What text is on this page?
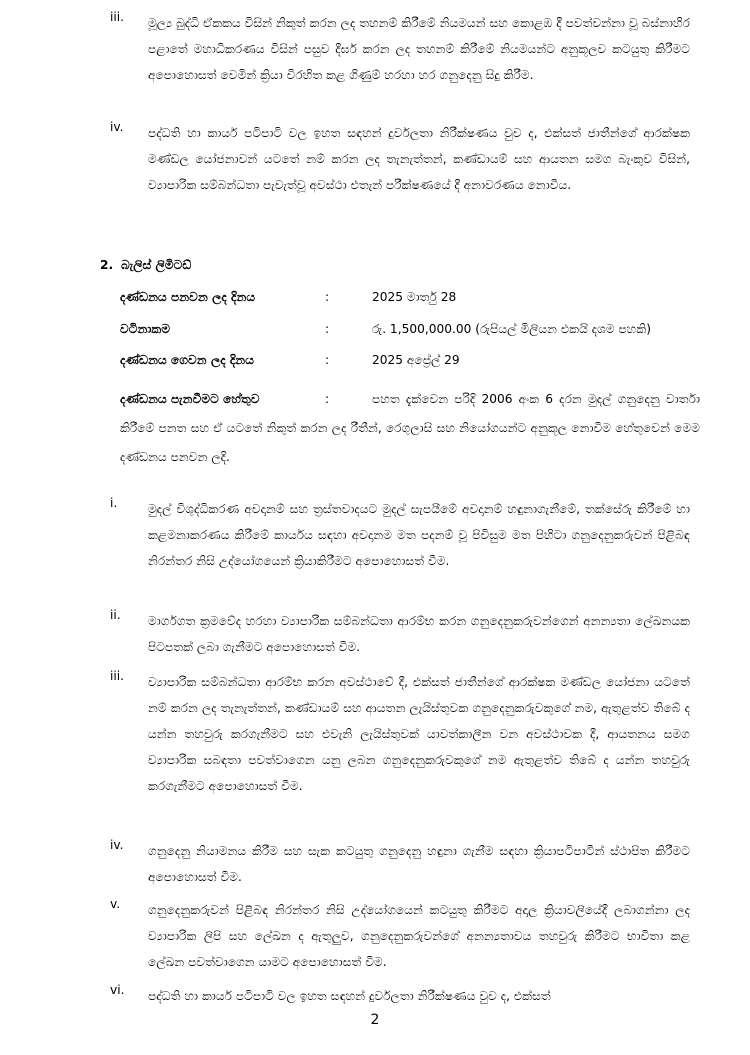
iii.	මූල්‍ය බුද්ධි ඒකකය විසින් නිකුත් කරන ලද තහනම් කිරීමේ නියමයන් සහ කොළඹ දී පවත්වන්නා වූ බස්නාහිර පළාතේ මහාධිකරණය විසින් පසුව දීර්ඝ කරන ලද තහනම් කිරීමේ නියමයන්ට අනුකූලව කටයුතු කිරීමට අපොහොසත් වෙමින් ක්‍රියා විරහිත කළ ගිණුම් හරහා හර ගනුදෙනු සිදු කිරීම.

iv.	පද්ධති හා කාර්ය පටිපාටි වල ඉහත සඳහන් දුර්වලතා නිරීක්ෂණය වුව ද, එක්සත් ජාතීන්ගේ ආරක්ෂක මණ්ඩල යෝජනාවන් යටතේ නම් කරන ලද තැනැත්තන්, කණ්ඩායම් සහ ආයතන සමග බැංකුව විසින්, ව්‍යාපාරික සම්බන්ධතා පැවැත්වූ අවස්ථා එතැන් පරීක්ෂණයේ දී අනාවරණය නොවීය.

2. බැලිස් ලිමිටඩ්
දණ්ඩනය පනවන ලද දිනය	:	2025 මාර්තු 28
වටිනාකම	:	රු. 1,500,000.00 (රුපියල් මිලියන එකයි දශම පහකි)
දණ්ඩනය ගෙවන ලද දිනය	:	2025 අප්‍රේල් 29

දණ්ඩනය පැනවීමට හේතුව	:	පහත දැක්වෙන පරිදි 2006 අංක 6 දරන මුදල් ගනුදෙනු වාර්තා කිරීමේ පනත සහ ඒ යටතේ නිකුත් කරන ලද රීතීන්, රෙගුලාසි සහ නියෝගයන්ට අනුකූල නොවීම හේතුවෙන් මෙම දණ්ඩනය පනවන ලදි.

i.	මුදල් විශුද්ධිකරණ අවදානම් සහ ත්‍රස්තවාදයට මුදල් සැපයීමේ අවදානම් හඳුනාගැනීමේ, තක්සේරු කිරීමේ හා කළමනාකරණය කිරීමේ කාර්යය සඳහා අවදානම මත පදනම් වූ පිවිසුම මත පිහිටා ගනුදෙනුකරුවන් පිළිබඳ නිරන්තර නිසි උද්යෝගයෙන් ක්‍රියාකිරීමට අපොහොසත් වීම.

ii.	මාර්ගගත ක්‍රමවේද හරහා ව්‍යාපාරික සම්බන්ධතා ආරම්භ කරන ගනුදෙනුකරුවන්ගෙන් අනන්‍යතා ලේඛනයක පිටපතක් ලබා ගැනීමට අපොහොසත් වීම.

iii.	ව්‍යාපාරික සම්බන්ධතා ආරම්භ කරන අවස්ථාවේ දී, එක්සත් ජාතීන්ගේ ආරක්ෂක මණ්ඩල යෝජනා යටතේ නම් කරන ලද තැනැත්තන්, කණ්ඩායම් සහ ආයතන ලැයිස්තුවක ගනුදෙනුකරුවකුගේ නම, ඇතුළත්ව තිබේ ද යන්න තහවුරු කරගැනීමට සහ එවැනි ලැයිස්තුවක් යාවත්කාලීන වන අවස්ථාවක දී, ආයතනය සමග ව්‍යාපාරික සබඳතා පවත්වාගෙන යනු ලබන ගනුදෙනුකරුවකුගේ නම ඇතුළත්ව තිබේ ද යන්න තහවුරු කරගැනීමට අපොහොසත් වීම.

iv.	ගනුදෙනු නියාමනය කිරීම සහ සැක කටයුතු ගනුදෙනු හඳුනා ගැනීම සඳහා ක්‍රියාපටිපාටීන් ස්ථාපිත කිරීමට අපොහොසත් වීම.

v.	ගනුදෙනුකරුවන් පිළිබඳ නිරන්තර නිසි උද්යෝගයෙන් කටයුතු කිරීමට අදාල ක්‍රියාවලියේදී ලබාගන්නා ලද ව්‍යාපාරික ලිපි සහ ලේඛන ද ඇතුලුව, ගනුදෙනුකරුවන්ගේ අනන්‍යතාවය තහවුරු කිරීමට භාවිතා කළ ලේඛන පවත්වාගෙන යාමට අපොහොසත් වීම.

vi.	පද්ධති හා කාර්ය පටිපාටි වල ඉහත සඳහන් දුර්වලතා නිරීක්ෂණය වුව ද, එක්සත්

2
